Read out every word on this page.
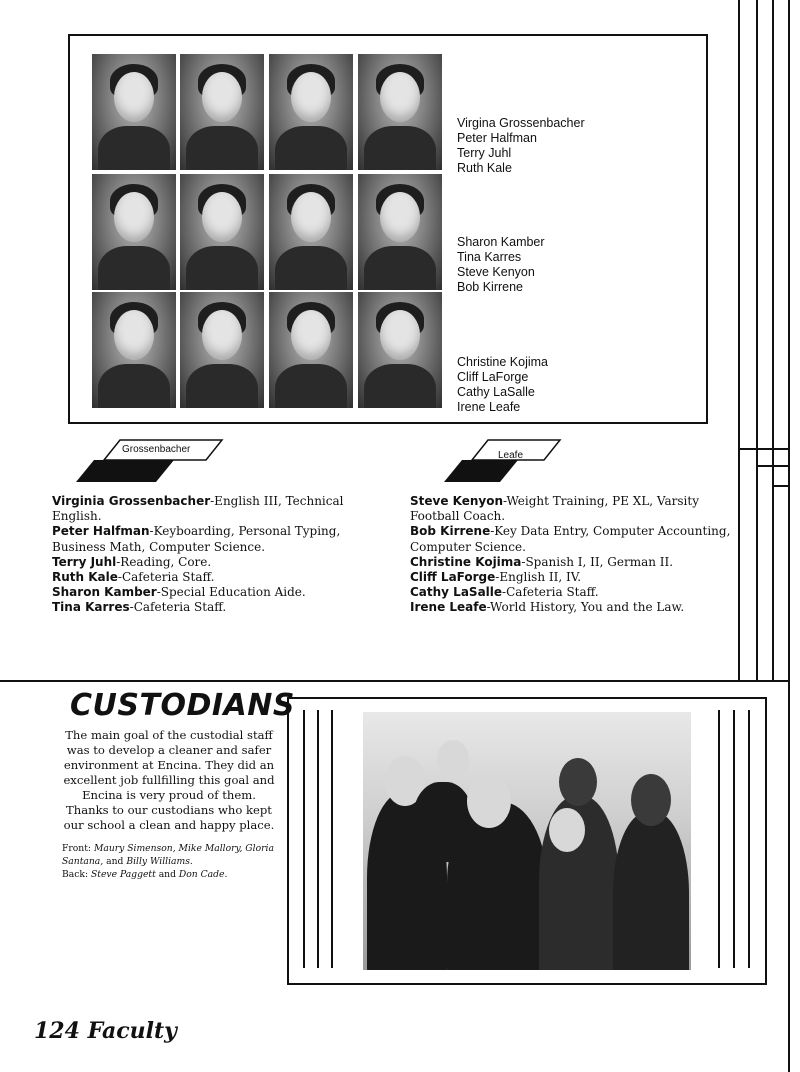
Virgina Grossenbacher
Peter Halfman
Terry Juhl
Ruth Kale
Sharon Kamber
Tina Karres
Steve Kenyon
Bob Kirrene
Christine Kojima
Cliff LaForge
Cathy LaSalle
Irene Leafe
Grossenbacher
Leafe

Virginia Grossenbacher-English III, Technical English.

Peter Halfman-Keyboarding, Personal Typing, Business Math, Computer Science.

Terry Juhl-Reading, Core.

Ruth Kale-Cafeteria Staff.

Sharon Kamber-Special Education Aide.

Tina Karres-Cafeteria Staff.

Steve Kenyon-Weight Training, PE XL, Varsity Football Coach.

Bob Kirrene-Key Data Entry, Computer Accounting, Computer Science.

Christine Kojima-Spanish I, II, German II.

Cliff LaForge-English II, IV.

Cathy LaSalle-Cafeteria Staff.

Irene Leafe-World History, You and the Law.

CUSTODIANS
The main goal of the custodial staff was to develop a cleaner and safer environment at Encina. They did an excellent job fullfilling this goal and Encina is very proud of them. Thanks to our custodians who kept our school a clean and happy place.
Front: Maury Simenson, Mike Mallory, Gloria Santana, and Billy Williams.
Back: Steve Paggett and Don Cade.
124 Faculty
